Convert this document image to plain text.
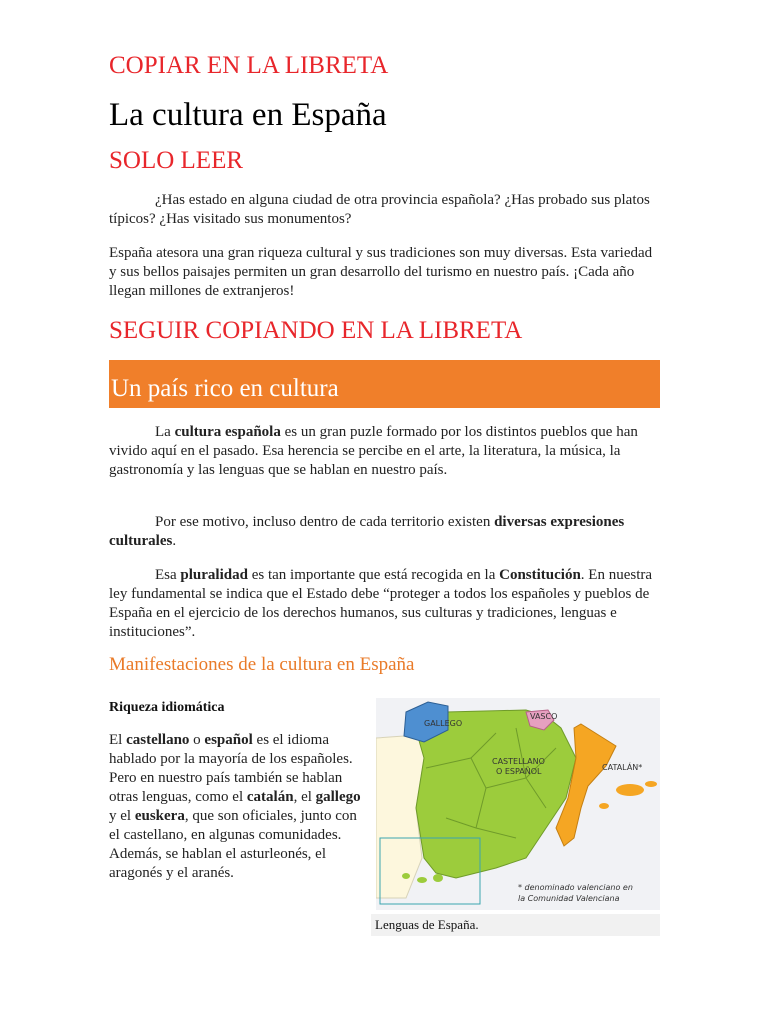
COPIAR EN LA LIBRETA
La cultura en España
SOLO LEER
¿Has estado en alguna ciudad de otra provincia española? ¿Has probado sus platos típicos? ¿Has visitado sus monumentos?
España atesora una gran riqueza cultural y sus tradiciones son muy diversas. Esta variedad y sus bellos paisajes permiten un gran desarrollo del turismo en nuestro país. ¡Cada año llegan millones de extranjeros!
SEGUIR COPIANDO EN LA LIBRETA
Un país rico en cultura
La cultura española es un gran puzle formado por los distintos pueblos que han vivido aquí en el pasado. Esa herencia se percibe en el arte, la literatura, la música, la gastronomía y las lenguas que se hablan en nuestro país.
Por ese motivo, incluso dentro de cada territorio existen diversas expresiones culturales.
Esa pluralidad es tan importante que está recogida en la Constitución. En nuestra ley fundamental se indica que el Estado debe “proteger a todos los españoles y pueblos de España en el ejercicio de los derechos humanos, sus culturas y tradiciones, lenguas e instituciones”.
Manifestaciones de la cultura en España
Riqueza idiomática
El castellano o español es el idioma hablado por la mayoría de los españoles. Pero en nuestro país también se hablan otras lenguas, como el catalán, el gallego y el euskera, que son oficiales, junto con el castellano, en algunas comunidades. Además, se hablan el asturleonés, el aragonés y el aranés.
GALLEGO
VASCO
CASTELLANO
O ESPAÑOL	CATALÁN*
* denominado valenciano en
la Comunidad Valenciana
Lenguas de España.
